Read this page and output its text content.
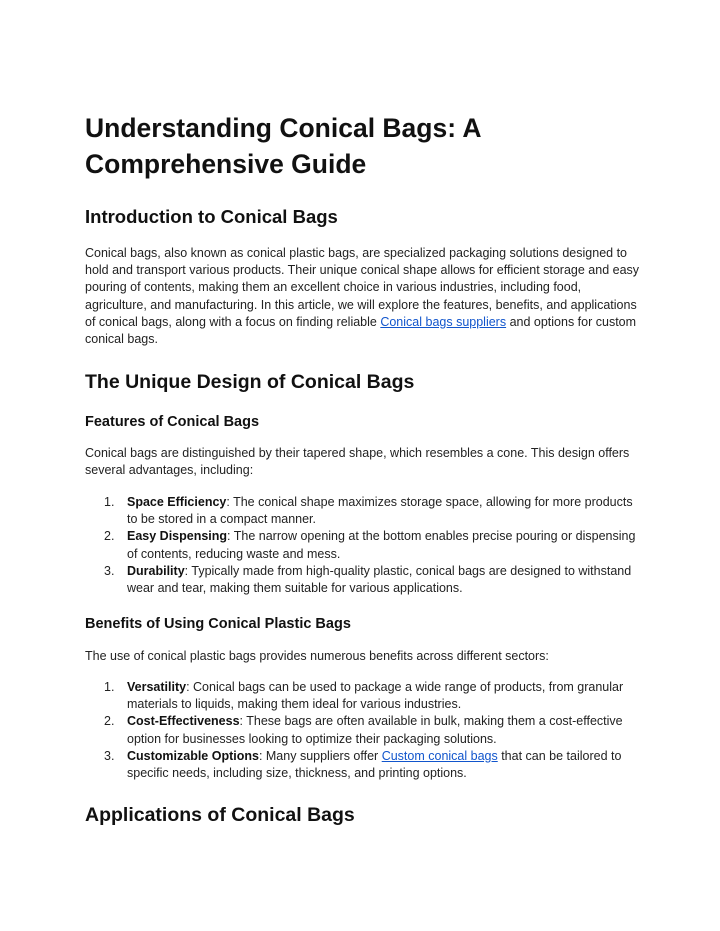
Understanding Conical Bags: A Comprehensive Guide
Introduction to Conical Bags

Conical bags, also known as conical plastic bags, are specialized packaging solutions designed to hold and transport various products. Their unique conical shape allows for efficient storage and easy pouring of contents, making them an excellent choice in various industries, including food, agriculture, and manufacturing. In this article, we will explore the features, benefits, and applications of conical bags, along with a focus on finding reliable Conical bags suppliers and options for custom conical bags.

The Unique Design of Conical Bags
Features of Conical Bags

Conical bags are distinguished by their tapered shape, which resembles a cone. This design offers several advantages, including:

1. Space Efficiency: The conical shape maximizes storage space, allowing for more products to be stored in a compact manner.
2. Easy Dispensing: The narrow opening at the bottom enables precise pouring or dispensing of contents, reducing waste and mess.
3. Durability: Typically made from high-quality plastic, conical bags are designed to withstand wear and tear, making them suitable for various applications.
Benefits of Using Conical Plastic Bags

The use of conical plastic bags provides numerous benefits across different sectors:

1. Versatility: Conical bags can be used to package a wide range of products, from granular materials to liquids, making them ideal for various industries.
2. Cost-Effectiveness: These bags are often available in bulk, making them a cost-effective option for businesses looking to optimize their packaging solutions.
3. Customizable Options: Many suppliers offer Custom conical bags that can be tailored to specific needs, including size, thickness, and printing options.
Applications of Conical Bags
